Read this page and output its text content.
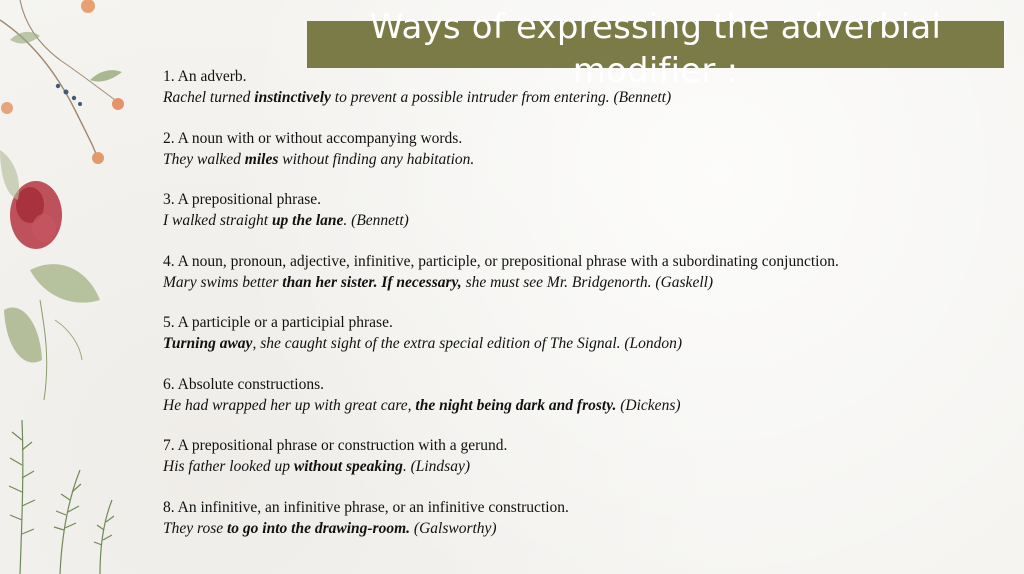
Ways of expressing the adverbial modifier :
1. An adverb.
Rachel turned instinctively to prevent a possible intruder from entering. (Bennett)
2. A noun with or without accompanying words.
They walked miles without finding any habitation.
3. A prepositional phrase.
I walked straight up the lane. (Bennett)
4. A noun, pronoun, adjective, infinitive, participle, or prepositional phrase with a subordinating conjunction.
Mary swims better than her sister. If necessary, she must see Mr. Bridgenorth. (Gaskell)
5. A participle or a participial phrase.
Turning away, she caught sight of the extra special edition of The Signal. (London)
6. Absolute constructions.
He had wrapped her up with great care, the night being dark and frosty. (Dickens)
7. A prepositional phrase or construction with a gerund.
His father looked up without speaking. (Lindsay)
8. An infinitive, an infinitive phrase, or an infinitive construction.
They rose to go into the drawing-room. (Galsworthy)
